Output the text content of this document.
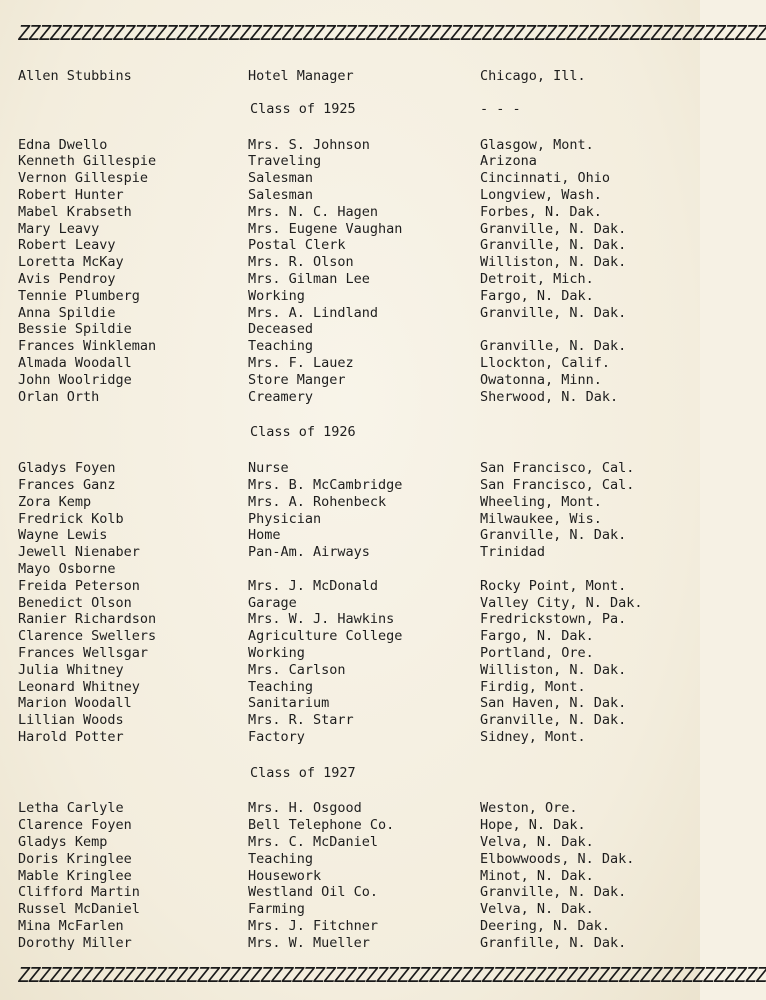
ZZZZZZZZZZZZZZZZZZZZZZZZZZZZZZZZZZZZZZZZZZZZZZZZZZZZZZZZZZZZZZZZZZZZZZZ
Allen Stubbins	Hotel Manager	Chicago, Ill.
Class of 1925	- - -
Edna Dwello	Mrs. S. Johnson	Glasgow, Mont.
Kenneth Gillespie	Traveling	Arizona
Vernon Gillespie	Salesman	Cincinnati, Ohio
Robert Hunter	Salesman	Longview, Wash.
Mabel Krabseth	Mrs. N. C. Hagen	Forbes, N. Dak.
Mary Leavy	Mrs. Eugene Vaughan	Granville, N. Dak.
Robert Leavy	Postal Clerk	Granville, N. Dak.
Loretta McKay	Mrs. R. Olson	Williston, N. Dak.
Avis Pendroy	Mrs. Gilman Lee	Detroit, Mich.
Tennie Plumberg	Working	Fargo, N. Dak.
Anna Spildie	Mrs. A. Lindland	Granville, N. Dak.
Bessie Spildie	Deceased
Frances Winkleman	Teaching	Granville, N. Dak.
Almada Woodall	Mrs. F. Lauez	Llockton, Calif.
John Woolridge	Store Manger	Owatonna, Minn.
Orlan Orth	Creamery	Sherwood, N. Dak.
Class of 1926
Gladys Foyen	Nurse	San Francisco, Cal.
Frances Ganz	Mrs. B. McCambridge	San Francisco, Cal.
Zora Kemp	Mrs. A. Rohenbeck	Wheeling, Mont.
Fredrick Kolb	Physician	Milwaukee, Wis.
Wayne Lewis	Home	Granville, N. Dak.
Jewell Nienaber	Pan-Am. Airways	Trinidad
Mayo Osborne
Freida Peterson	Mrs. J. McDonald	Rocky Point, Mont.
Benedict Olson	Garage	Valley City, N. Dak.
Ranier Richardson	Mrs. W. J. Hawkins	Fredrickstown, Pa.
Clarence Swellers	Agriculture College	Fargo, N. Dak.
Frances Wellsgar	Working	Portland, Ore.
Julia Whitney	Mrs. Carlson	Williston, N. Dak.
Leonard Whitney	Teaching	Firdig, Mont.
Marion Woodall	Sanitarium	San Haven, N. Dak.
Lillian Woods	Mrs. R. Starr	Granville, N. Dak.
Harold Potter	Factory	Sidney, Mont.
Class of 1927
Letha Carlyle	Mrs. H. Osgood	Weston, Ore.
Clarence Foyen	Bell Telephone Co.	Hope, N. Dak.
Gladys Kemp	Mrs. C. McDaniel	Velva, N. Dak.
Doris Kringlee	Teaching	Elbowwoods, N. Dak.
Mable Kringlee	Housework	Minot, N. Dak.
Clifford Martin	Westland Oil Co.	Granville, N. Dak.
Russel McDaniel	Farming	Velva, N. Dak.
Mina McFarlen	Mrs. J. Fitchner	Deering, N. Dak.
Dorothy Miller	Mrs. W. Mueller	Granfille, N. Dak.
ZZZZZZZZZZZZZZZZZZZZZZZZZZZZZZZZZZZZZZZZZZZZZZZZZZZZZZZZZZZZZZZZZZZZZZZ
